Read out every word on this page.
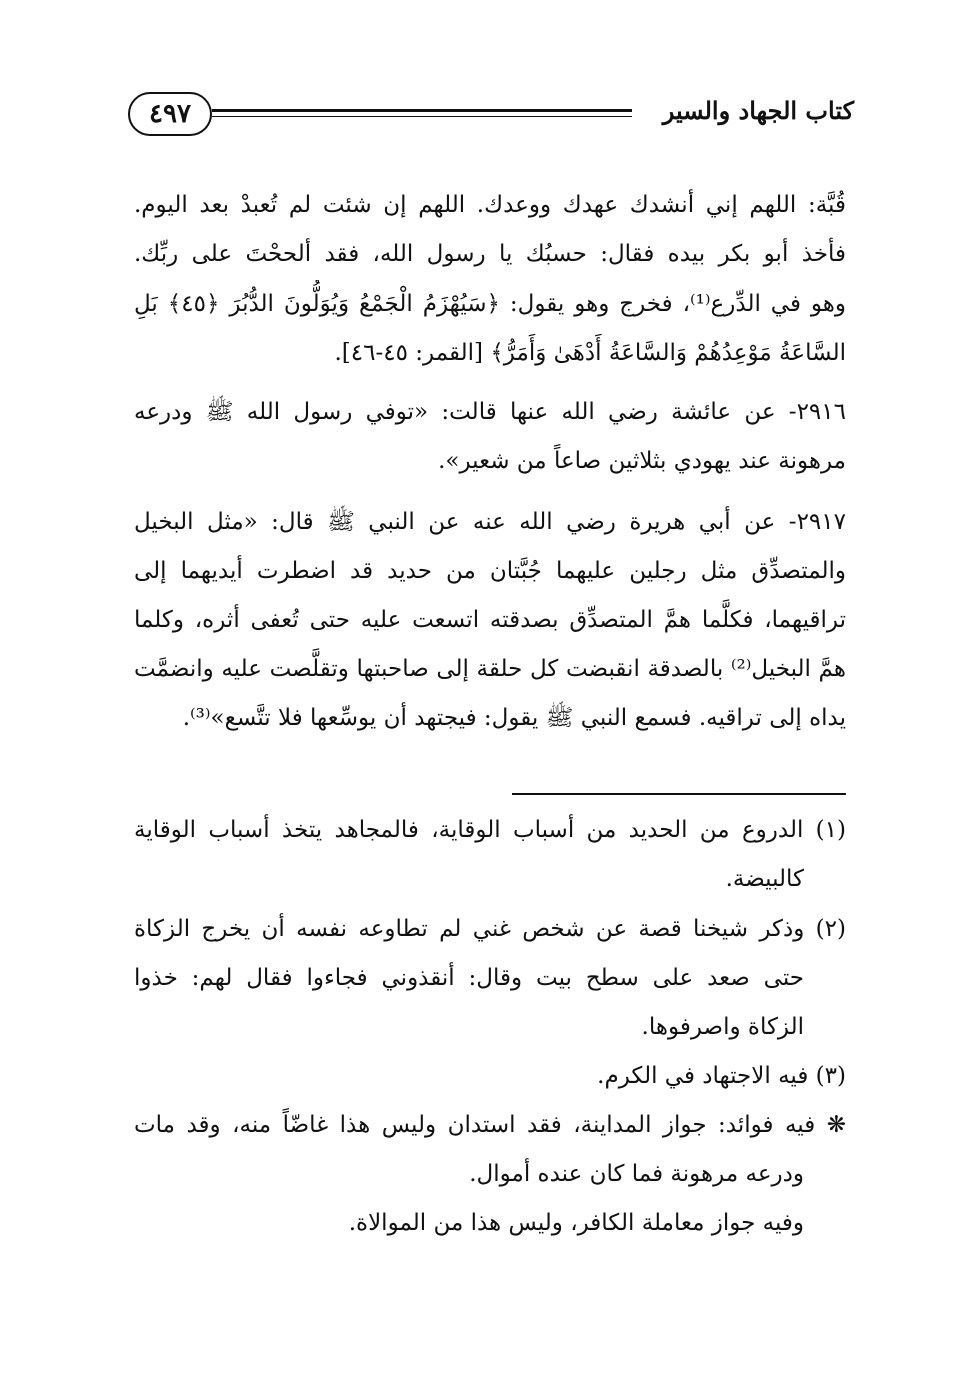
٤٩٧	كتاب الجهاد والسير
قُبَّة: اللهم إني أنشدك عهدك ووعدك. اللهم إن شئت لم تُعبدْ بعد اليوم.
فأخذ أبو بكر بيده فقال: حسبُك يا رسول الله، فقد ألححْتَ على ربِّك.
وهو في الدِّرع⁽¹⁾، فخرج وهو يقول: ﴿سَيُهْزَمُ الْجَمْعُ وَيُوَلُّونَ الدُّبُرَ ﴿٤٥﴾ بَلِ
السَّاعَةُ مَوْعِدُهُمْ وَالسَّاعَةُ أَدْهَىٰ وَأَمَرُّ﴾ [القمر: ٤٥-٤٦].
٢٩١٦- عن عائشة رضي الله عنها قالت: «توفي رسول الله ﷺ ودرعه
مرهونة عند يهودي بثلاثين صاعاً من شعير».
٢٩١٧- عن أبي هريرة رضي الله عنه عن النبي ﷺ قال: «مثل البخيل
والمتصدِّق مثل رجلين عليهما جُبَّتان من حديد قد اضطرت أيديهما إلى
تراقيهما، فكلَّما همَّ المتصدِّق بصدقته اتسعت عليه حتى تُعفى أثره، وكلما
همَّ البخيل⁽²⁾ بالصدقة انقبضت كل حلقة إلى صاحبتها وتقلَّصت عليه وانضمَّت
يداه إلى تراقيه. فسمع النبي ﷺ يقول: فيجتهد أن يوسِّعها فلا تتَّسع»⁽³⁾.
(١) الدروع من الحديد من أسباب الوقاية، فالمجاهد يتخذ أسباب الوقاية
كالبيضة.
(٢) وذكر شيخنا قصة عن شخص غني لم تطاوعه نفسه أن يخرج الزكاة
حتى صعد على سطح بيت وقال: أنقذوني فجاءوا فقال لهم: خذوا
الزكاة واصرفوها.
(٣) فيه الاجتهاد في الكرم.
❋ فيه فوائد: جواز المداينة، فقد استدان وليس هذا غاضّاً منه، وقد مات
ودرعه مرهونة فما كان عنده أموال.
وفيه جواز معاملة الكافر، وليس هذا من الموالاة.
